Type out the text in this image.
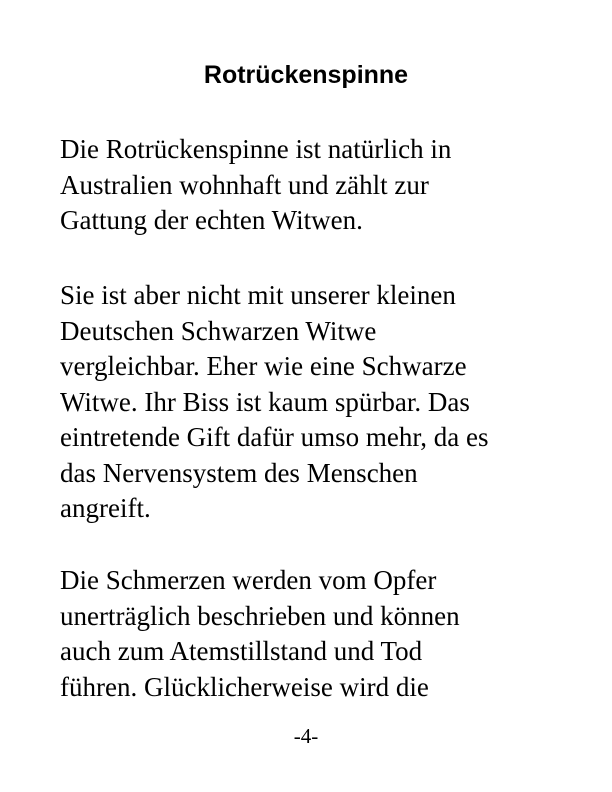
Rotrückenspinne

Die Rotrückenspinne ist natürlich in
Australien wohnhaft und zählt zur
Gattung der echten Witwen.

Sie ist aber nicht mit unserer kleinen
Deutschen Schwarzen Witwe
vergleichbar. Eher wie eine Schwarze
Witwe. Ihr Biss ist kaum spürbar. Das
eintretende Gift dafür umso mehr, da es
das Nervensystem des Menschen
angreift.

Die Schmerzen werden vom Opfer
unerträglich beschrieben und können
auch zum Atemstillstand und Tod
führen. Glücklicherweise wird die

-4-
